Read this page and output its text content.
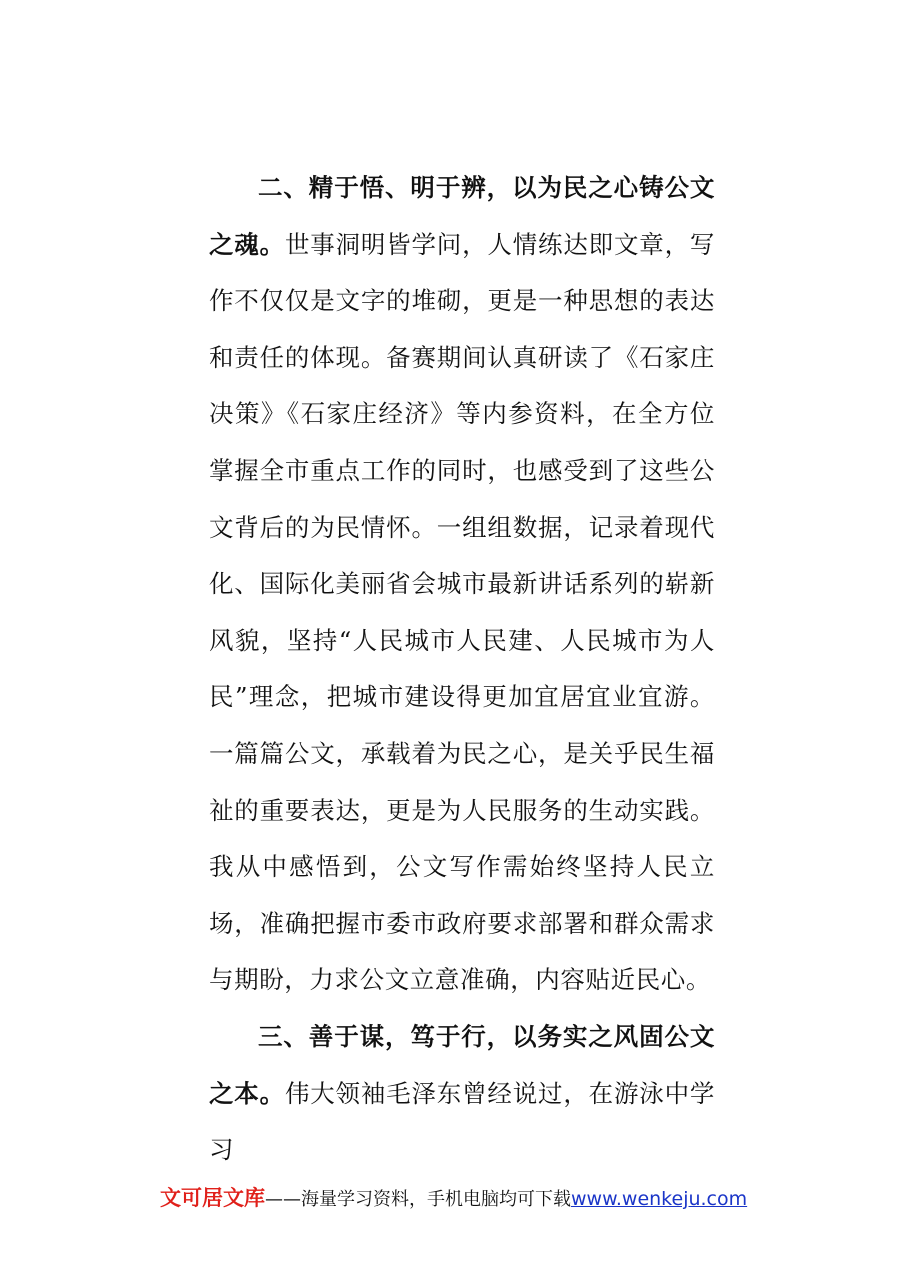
二、精于悟、明于辨，以为民之心铸公文之魂。世事洞明皆学问，人情练达即文章，写作不仅仅是文字的堆砌，更是一种思想的表达和责任的体现。备赛期间认真研读了《石家庄决策》《石家庄经济》等内参资料，在全方位掌握全市重点工作的同时，也感受到了这些公文背后的为民情怀。一组组数据，记录着现代化、国际化美丽省会城市最新讲话系列的崭新风貌，坚持“人民城市人民建、人民城市为人民”理念，把城市建设得更加宜居宜业宜游。一篇篇公文，承载着为民之心，是关乎民生福祉的重要表达，更是为人民服务的生动实践。我从中感悟到，公文写作需始终坚持人民立场，准确把握市委市政府要求部署和群众需求与期盼，力求公文立意准确，内容贴近民心。

三、善于谋，笃于行，以务实之风固公文之本。伟大领袖毛泽东曾经说过，在游泳中学习

文可居文库——海量学习资料，手机电脑均可下载www.wenkeju.com
